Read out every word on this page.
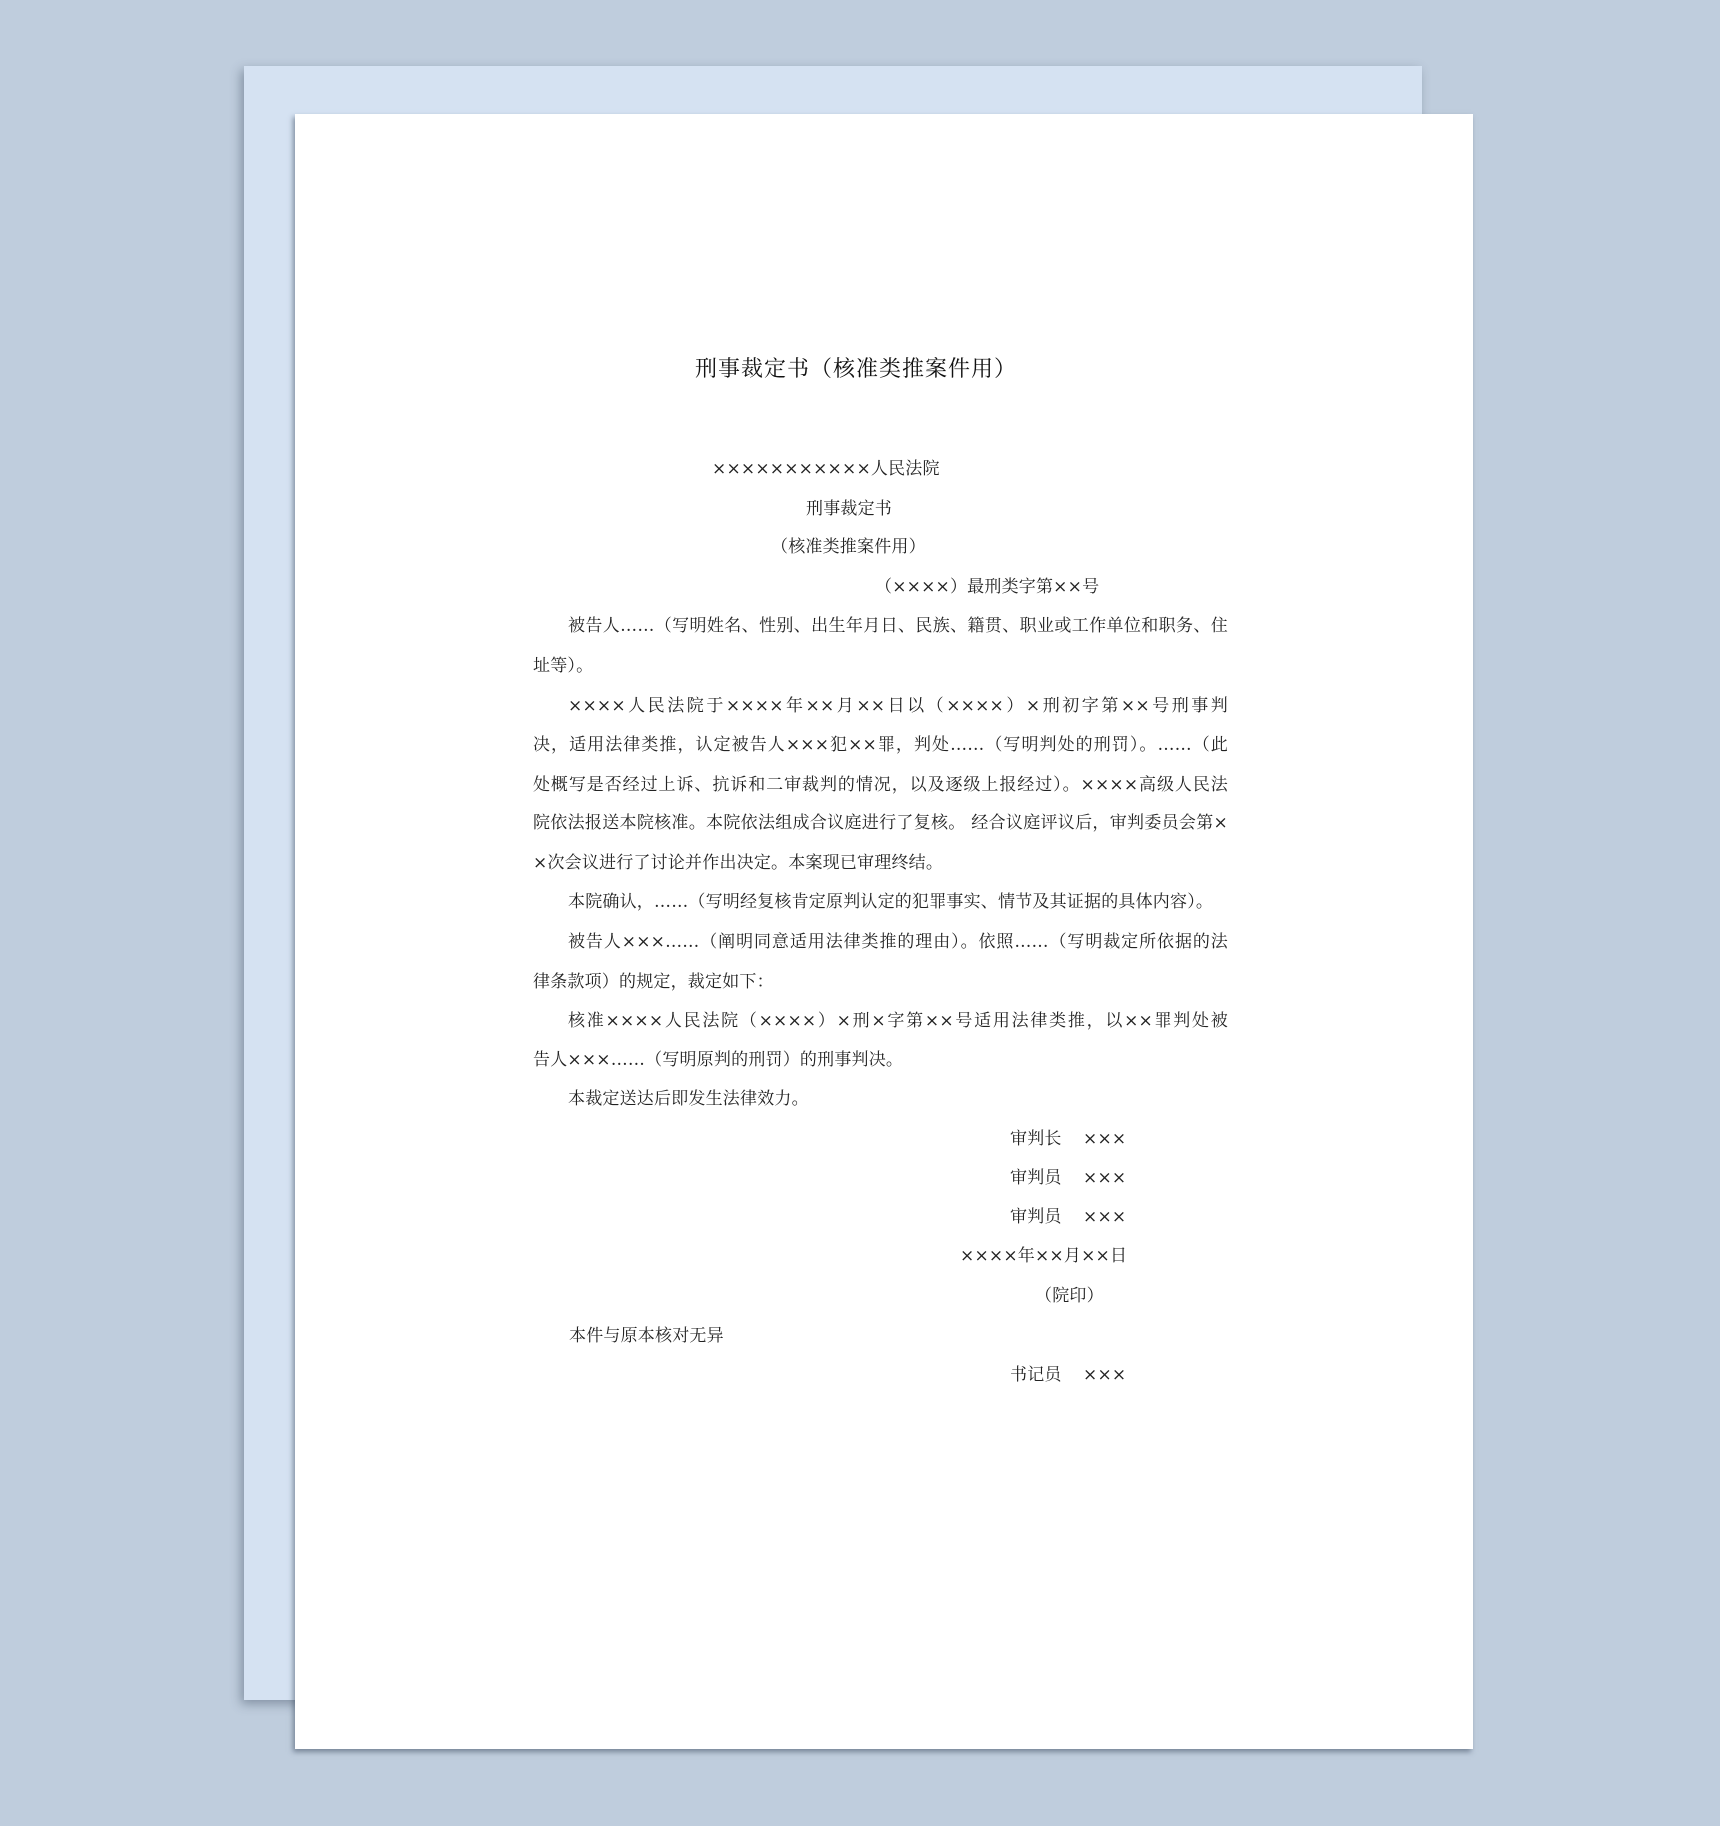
刑事裁定书（核准类推案件用）
×××××××××××人民法院
刑事裁定书
（核准类推案件用）
（××××）最刑类字第××号
被告人……（写明姓名、性别、出生年月日、民族、籍贯、职业或工作单位和职务、住
址等）。
××××人民法院于××××年××月××日以（××××）×刑初字第××号刑事判
决，适用法律类推，认定被告人×××犯××罪，判处……（写明判处的刑罚）。……（此
处概写是否经过上诉、抗诉和二审裁判的情况，以及逐级上报经过）。××××高级人民法
院依法报送本院核准。本院依法组成合议庭进行了复核。 经合议庭评议后，审判委员会第×
×次会议进行了讨论并作出决定。本案现已审理终结。
本院确认，……（写明经复核肯定原判认定的犯罪事实、情节及其证据的具体内容）。
被告人×××……（阐明同意适用法律类推的理由）。依照……（写明裁定所依据的法
律条款项）的规定，裁定如下：
核准××××人民法院（××××）×刑×字第××号适用法律类推，以××罪判处被
告人×××……（写明原判的刑罚）的刑事判决。
本裁定送达后即发生法律效力。
审判长 ×××
审判员 ×××
审判员 ×××
××××年××月××日
（院印）
本件与原本核对无异
书记员 ×××
